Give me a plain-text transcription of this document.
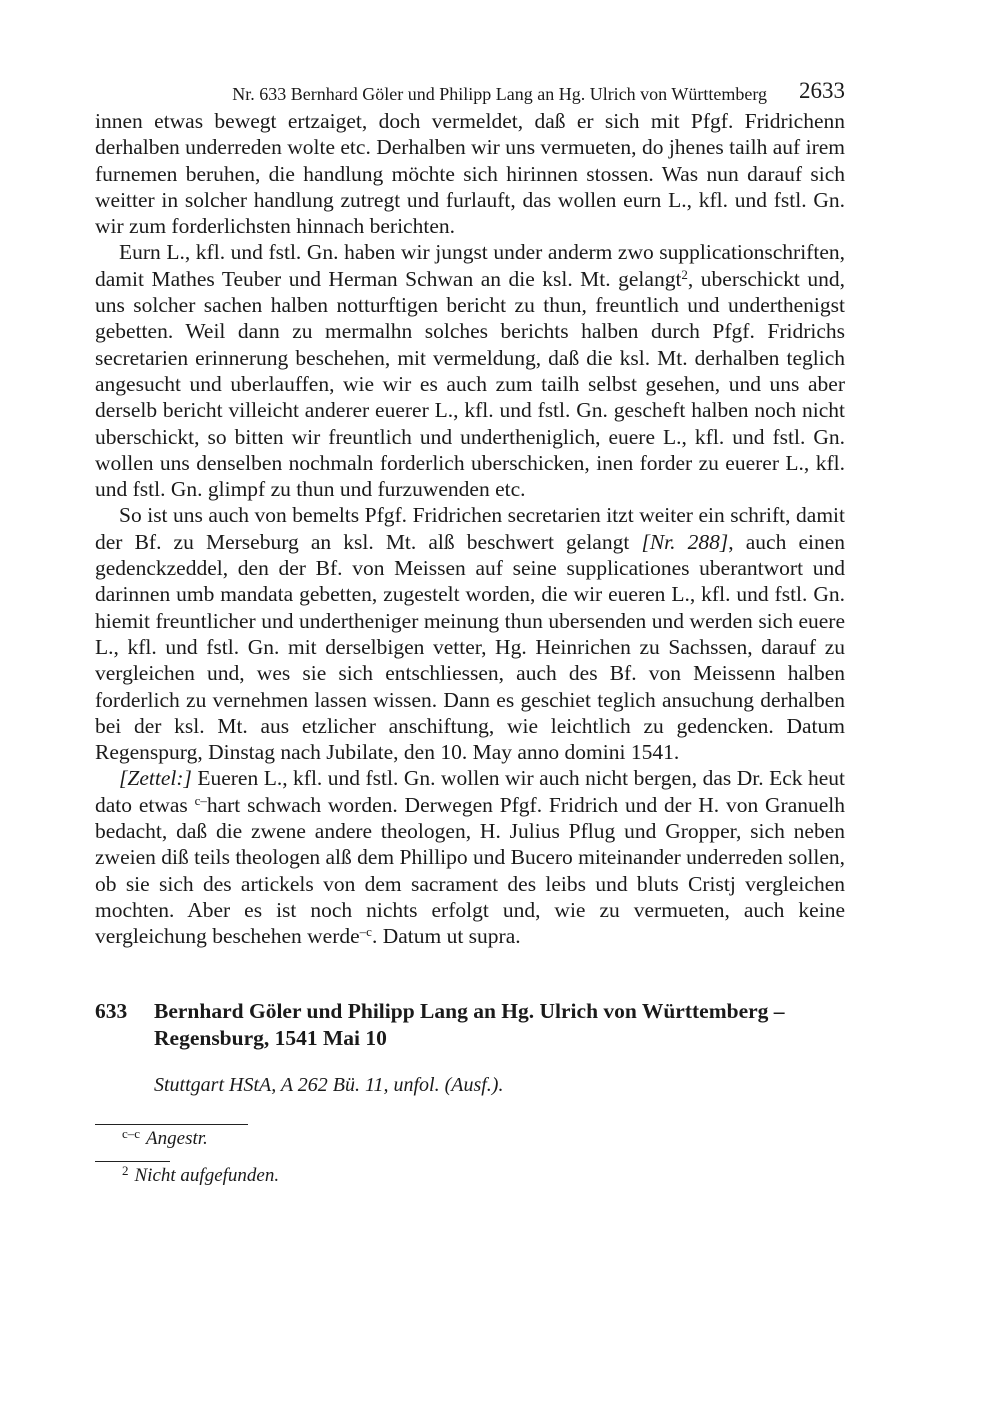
Nr. 633 Bernhard Göler und Philipp Lang an Hg. Ulrich von Württemberg 2633

innen etwas bewegt ertzaiget, doch vermeldet, daß er sich mit Pfgf. Fridrichenn derhalben underreden wolte etc. Derhalben wir uns vermueten, do jhenes tailh auf irem furnemen beruhen, die handlung möchte sich hirinnen stossen. Was nun darauf sich weitter in solcher handlung zutregt und furlauft, das wollen eurn L., kfl. und fstl. Gn. wir zum forderlichsten hinnach berichten.

Eurn L., kfl. und fstl. Gn. haben wir jungst under anderm zwo supplicationschriften, damit Mathes Teuber und Herman Schwan an die ksl. Mt. gelangt$^2$, uberschickt und, uns solcher sachen halben notturftigen bericht zu thun, freuntlich und underthenigst gebetten. Weil dann zu mermalhn solches berichts halben durch Pfgf. Fridrichs secretarien erinnerung beschehen, mit vermeldung, daß die ksl. Mt. derhalben teglich angesucht und uberlauffen, wie wir es auch zum tailh selbst gesehen, und uns aber derselb bericht villeicht anderer euerer L., kfl. und fstl. Gn. gescheft halben noch nicht uberschickt, so bitten wir freuntlich und undertheniglich, euere L., kfl. und fstl. Gn. wollen uns denselben nochmaln forderlich uberschicken, inen forder zu euerer L., kfl. und fstl. Gn. glimpf zu thun und furzuwenden etc.

So ist uns auch von bemelts Pfgf. Fridrichen secretarien itzt weiter ein schrift, damit der Bf. zu Merseburg an ksl. Mt. alß beschwert gelangt [Nr. 288], auch einen gedenckzeddel, den der Bf. von Meissen auf seine supplicationes uberantwort und darinnen umb mandata gebetten, zugestelt worden, die wir eueren L., kfl. und fstl. Gn. hiemit freuntlicher und undertheniger meinung thun ubersenden und werden sich euere L., kfl. und fstl. Gn. mit derselbigen vetter, Hg. Heinrichen zu Sachssen, darauf zu vergleichen und, wes sie sich entschliessen, auch des Bf. von Meissenn halben forderlich zu vernehmen lassen wissen. Dann es geschiet teglich ansuchung derhalben bei der ksl. Mt. aus etzlicher anschiftung, wie leichtlich zu gedencken. Datum Regenspurg, Dinstag nach Jubilate, den 10. May anno domini 1541.

[Zettel:] Eueren L., kfl. und fstl. Gn. wollen wir auch nicht bergen, das Dr. Eck heut dato etwas $^{c-}$hart schwach worden. Derwegen Pfgf. Fridrich und der H. von Granuelh bedacht, daß die zwene andere theologen, H. Julius Pflug und Gropper, sich neben zweien diß teils theologen alß dem Phillipo und Bucero miteinander underreden sollen, ob sie sich des artickels von dem sacrament des leibs und bluts Cristj vergleichen mochten. Aber es ist noch nichts erfolgt und, wie zu vermueten, auch keine vergleichung beschehen werde$^{-c}$. Datum ut supra.

633 Bernhard Göler und Philipp Lang an Hg. Ulrich von Württemberg – Regensburg, 1541 Mai 10
Stuttgart HStA, A 262 Bü. 11, unfol. (Ausf.).
$^{c-c}$ Angestr.
$^2$ Nicht aufgefunden.
